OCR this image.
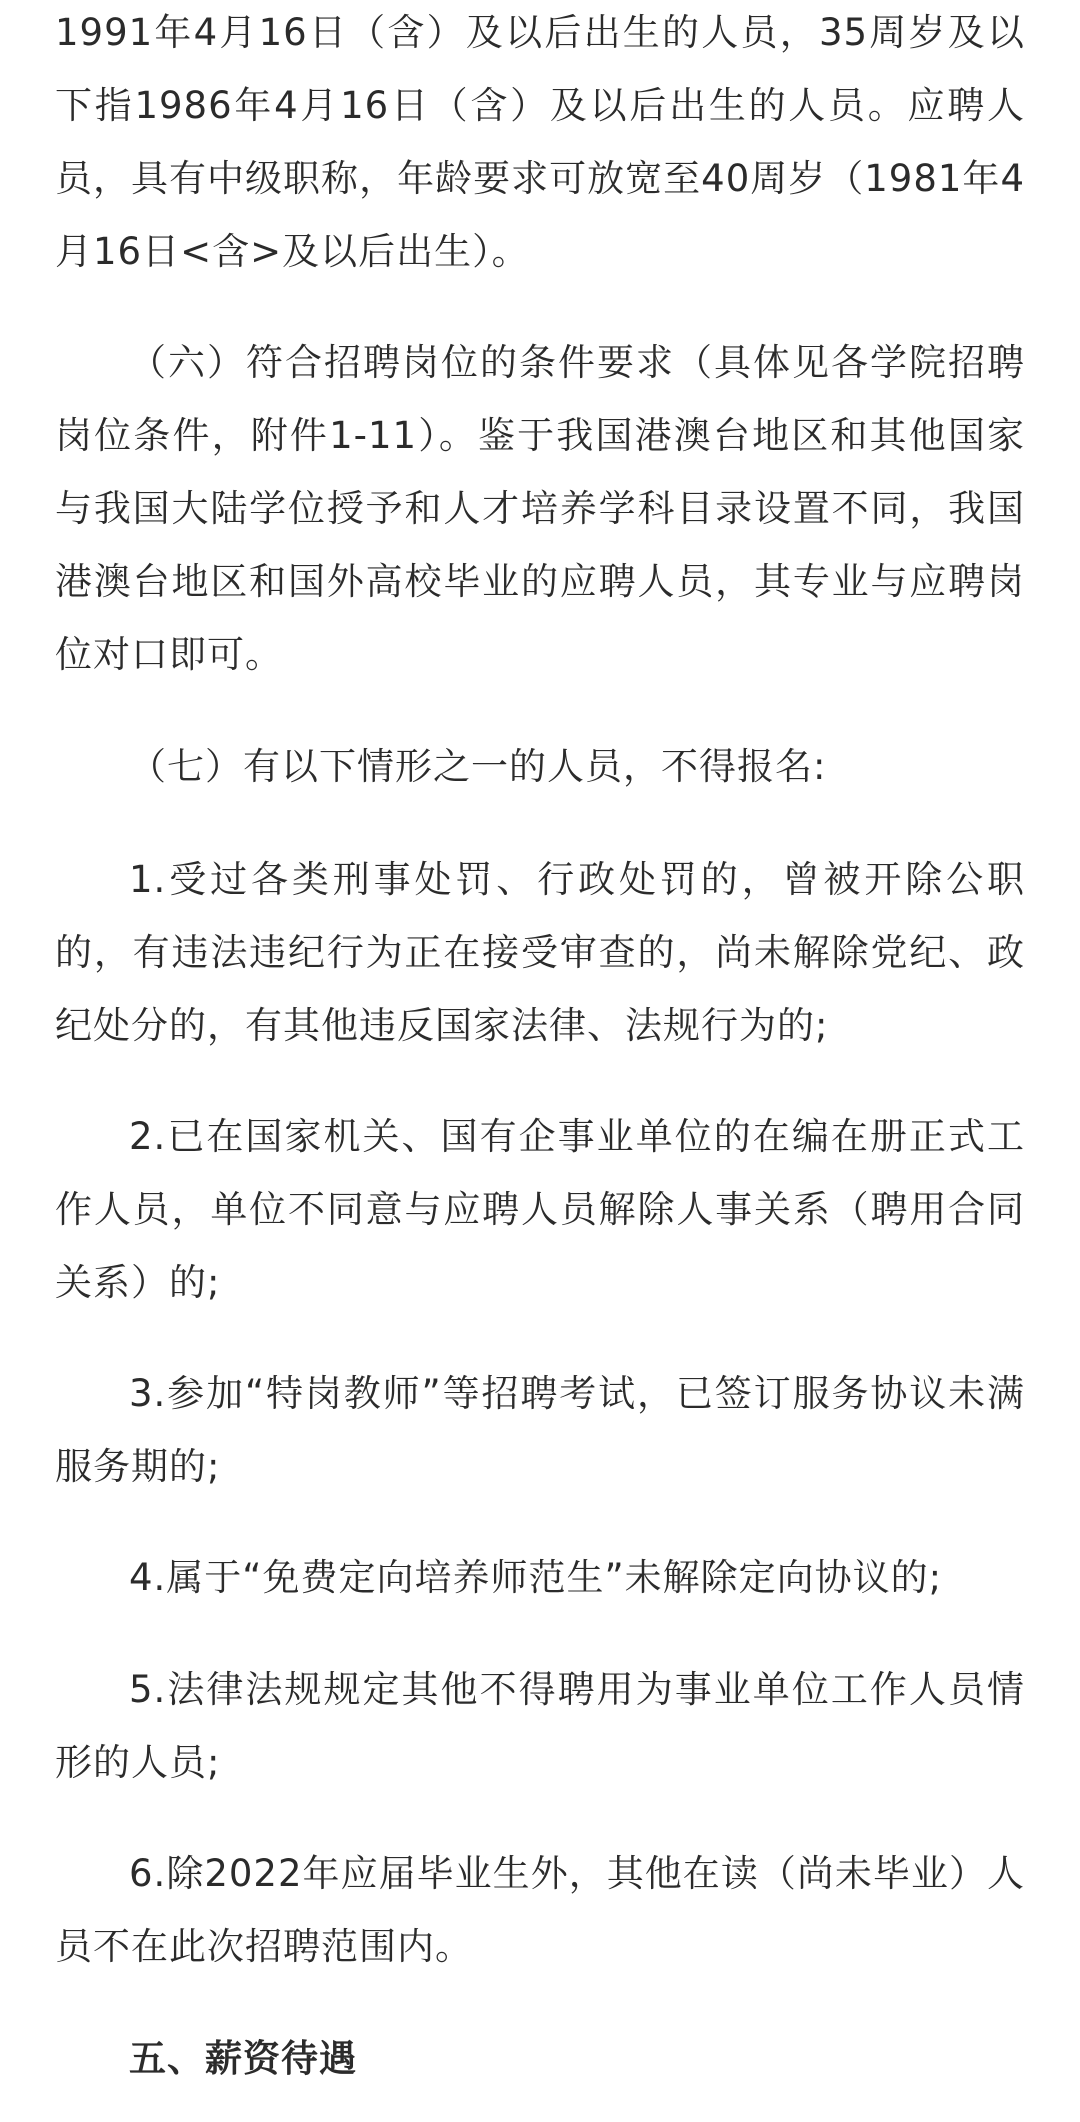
1991年4月16日（含）及以后出生的人员，35周岁及以下指1986年4月16日（含）及以后出生的人员。应聘人员，具有中级职称，年龄要求可放宽至40周岁（1981年4月16日<含>及以后出生）。

（六）符合招聘岗位的条件要求（具体见各学院招聘岗位条件，附件1-11）。鉴于我国港澳台地区和其他国家与我国大陆学位授予和人才培养学科目录设置不同，我国港澳台地区和国外高校毕业的应聘人员，其专业与应聘岗位对口即可。

（七）有以下情形之一的人员，不得报名:

1.受过各类刑事处罚、行政处罚的，曾被开除公职的，有违法违纪行为正在接受审查的，尚未解除党纪、政纪处分的，有其他违反国家法律、法规行为的;

2.已在国家机关、国有企事业单位的在编在册正式工作人员，单位不同意与应聘人员解除人事关系（聘用合同关系）的;

3.参加“特岗教师”等招聘考试，已签订服务协议未满服务期的;

4.属于“免费定向培养师范生”未解除定向协议的;

5.法律法规规定其他不得聘用为事业单位工作人员情形的人员;

6.除2022年应届毕业生外，其他在读（尚未毕业）人员不在此次招聘范围内。

五、薪资待遇
